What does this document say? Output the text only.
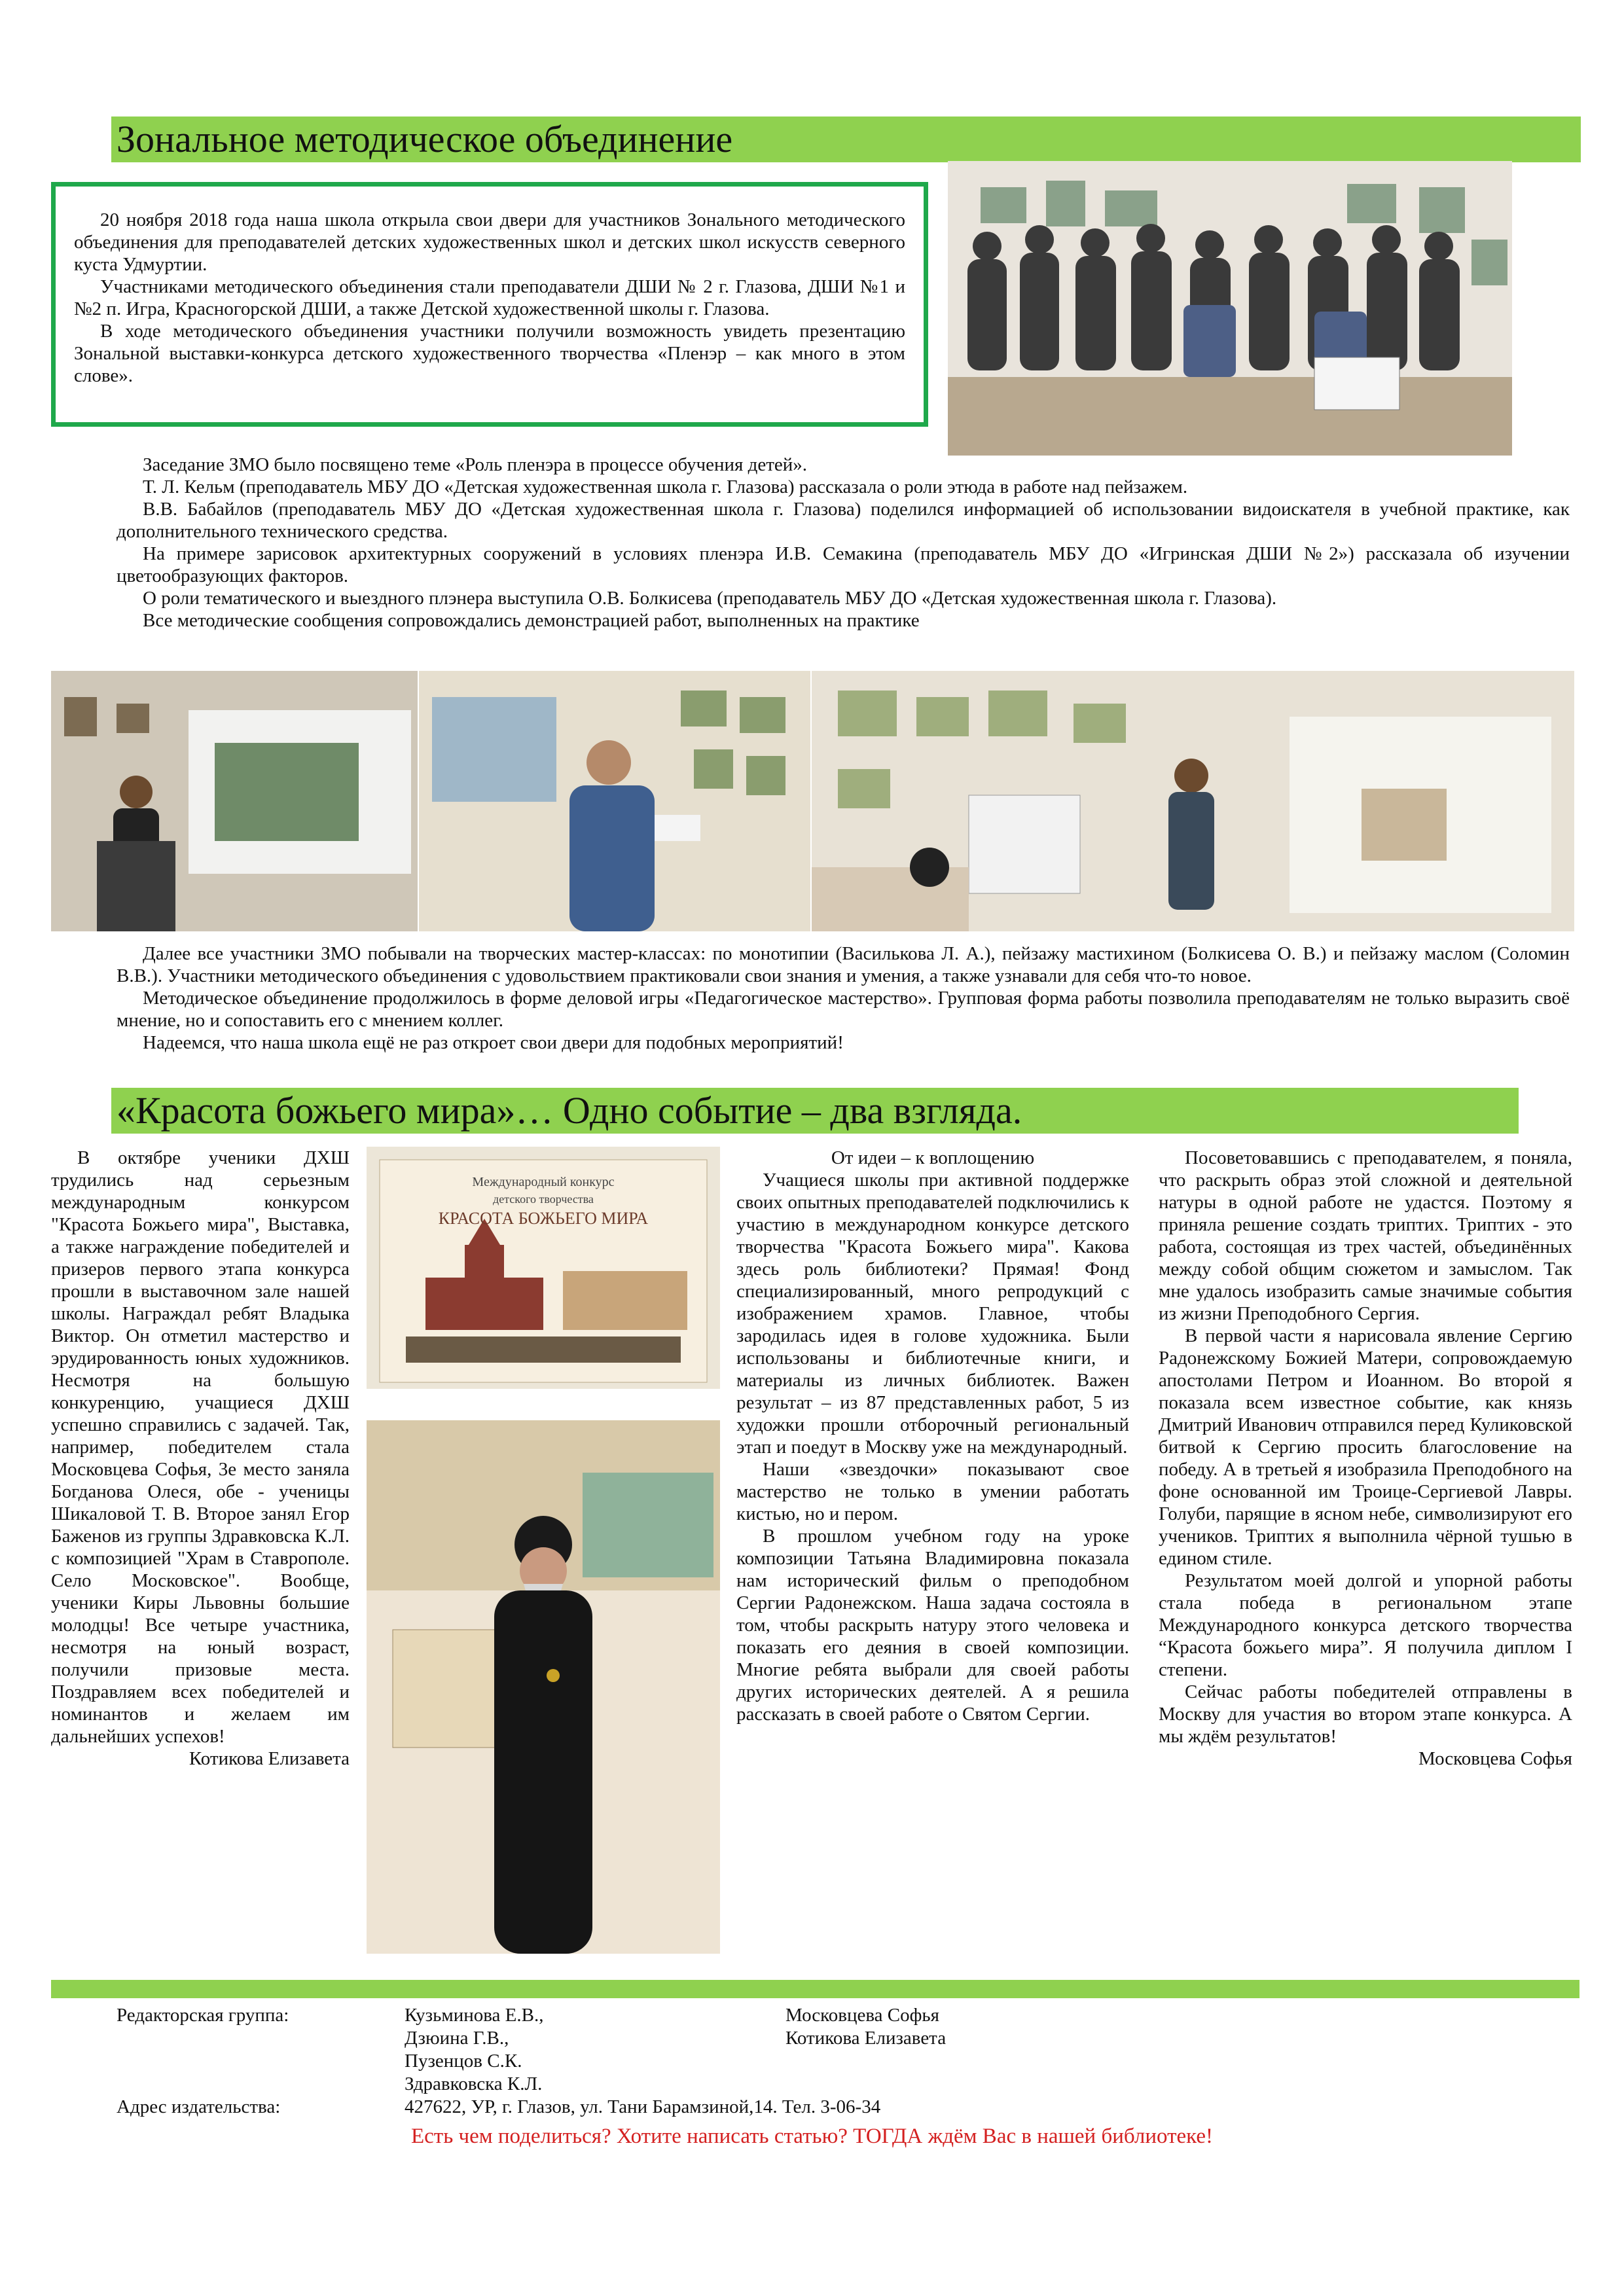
Зональное методическое объединение

20 ноября 2018 года наша школа открыла свои двери для участников Зонального методического объединения для преподавателей детских художественных школ и детских школ искусств северного куста Удмуртии.

Участниками методического объединения стали преподаватели ДШИ № 2 г. Глазова, ДШИ №1 и №2 п. Игра, Красногорской ДШИ, а также Детской художественной школы г. Глазова.

В ходе методического объединения участники получили возможность увидеть презентацию Зональной выставки-конкурса детского художественного творчества «Пленэр – как много в этом слове».

Заседание ЗМО было посвящено теме «Роль пленэра в процессе обучения детей».

Т. Л. Кельм (преподаватель МБУ ДО «Детская художественная школа г. Глазова) рассказала о роли этюда в работе над пейзажем.

В.В. Бабайлов (преподаватель МБУ ДО «Детская художественная школа г. Глазова) поделился информацией об использовании видоискателя в учебной практике, как дополнительного технического средства.

На примере зарисовок архитектурных сооружений в условиях пленэра И.В. Семакина (преподаватель МБУ ДО «Игринская ДШИ №2») рассказала об изучении цветообразующих факторов.

О роли тематического и выездного плэнера выступила О.В. Болкисева (преподаватель МБУ ДО «Детская художественная школа г. Глазова).

Все методические сообщения сопровождались демонстрацией работ, выполненных на практике

Далее все участники ЗМО побывали на творческих мастер-классах: по монотипии (Василькова Л. А.), пейзажу мастихином (Болкисева О. В.) и пейзажу маслом (Соломин В.В.). Участники методического объединения с удовольствием практиковали свои знания и умения, а также узнавали для себя что-то новое.

Методическое объединение продолжилось в форме деловой игры «Педагогическое мастерство». Групповая форма работы позволила преподавателям не только выразить своё мнение, но и сопоставить его с мнением коллег.

Надеемся, что наша школа ещё не раз откроет свои двери для подобных мероприятий!

«Красота божьего мира»… Одно событие – два взгляда.

В октябре ученики ДХШ трудились над серьезным международным конкурсом "Красота Божьего мира", Выставка, а также награждение победителей и призеров первого этапа конкурса прошли в выставочном зале нашей школы. Награждал ребят Владыка Виктор. Он отметил мастерство и эрудированность юных художников. Несмотря на большую конкуренцию, учащиеся ДХШ успешно справились с задачей. Так, например, победителем стала Московцева Софья, 3е место заняла Богданова Олеся, обе - ученицы Шикаловой Т. В. Второе занял Егор Баженов из группы Здравковска К.Л. с композицией "Храм в Ставрополе. Село Московское". Вообще, ученики Киры Львовны большие молодцы! Все четыре участника, несмотря на юный возраст, получили призовые места. Поздравляем всех победителей и номинантов и желаем им дальнейших успехов!

Котикова Елизавета

Международный конкурс
детского творчества
КРАСОТА БОЖЬЕГО МИРА

От идеи – к воплощению

Учащиеся школы при активной поддержке своих опытных преподавателей подключились к участию в международном конкурсе детского творчества "Красота Божьего мира". Какова здесь роль библиотеки? Прямая! Фонд специализированный, много репродукций с изображением храмов. Главное, чтобы зародилась идея в голове художника. Были использованы и библиотечные книги, и материалы из личных библиотек. Важен результат – из 87 представленных работ, 5 из художки прошли отборочный региональный этап и поедут в Москву уже на международный.

Наши «звездочки» показывают свое мастерство не только в умении работать кистью, но и пером.

В прошлом учебном году на уроке композиции Татьяна Владимировна показала нам исторический фильм о преподобном Сергии Радонежском. Наша задача состояла в том, чтобы раскрыть натуру этого человека и показать его деяния в своей композиции. Многие ребята выбрали для своей работы других исторических деятелей. А я решила рассказать в своей работе о Святом Сергии.

Посоветовавшись с преподавателем, я поняла, что раскрыть образ этой сложной и деятельной натуры в одной работе не удастся. Поэтому я приняла решение создать триптих. Триптих - это работа, состоящая из трех частей, объединённых между собой общим сюжетом и замыслом. Так мне удалось изобразить самые значимые события из жизни Преподобного Сергия.

В первой части я нарисовала явление Сергию Радонежскому Божией Матери, сопровождаемую апостолами Петром и Иоанном. Во второй я показала всем известное событие, как князь Дмитрий Иванович отправился перед Куликовской битвой к Сергию просить благословение на победу. А в третьей я изобразила Преподобного на фоне основанной им Троице-Сергиевой Лавры. Голуби, парящие в ясном небе, символизируют его учеников. Триптих я выполнила чёрной тушью в едином стиле.

Результатом моей долгой и упорной работы стала победа в региональном этапе Международного конкурса детского творчества “Красота божьего мира”. Я получила диплом I степени.

Сейчас работы победителей отправлены в Москву для участия во втором этапе конкурса. А мы ждём результатов!

Московцева Софья

Редакторская группа:	Кузьминова Е.В.,
Дзюина Г.В.,
Пузенцов С.К.
Здравковска К.Л.
Московцева Софья
Котикова Елизавета
Адрес издательства:	427622, УР, г. Глазов, ул. Тани Барамзиной,14. Тел. 3-06-34
Есть чем поделиться? Хотите написать статью? ТОГДА ждём Вас в нашей библиотеке!
